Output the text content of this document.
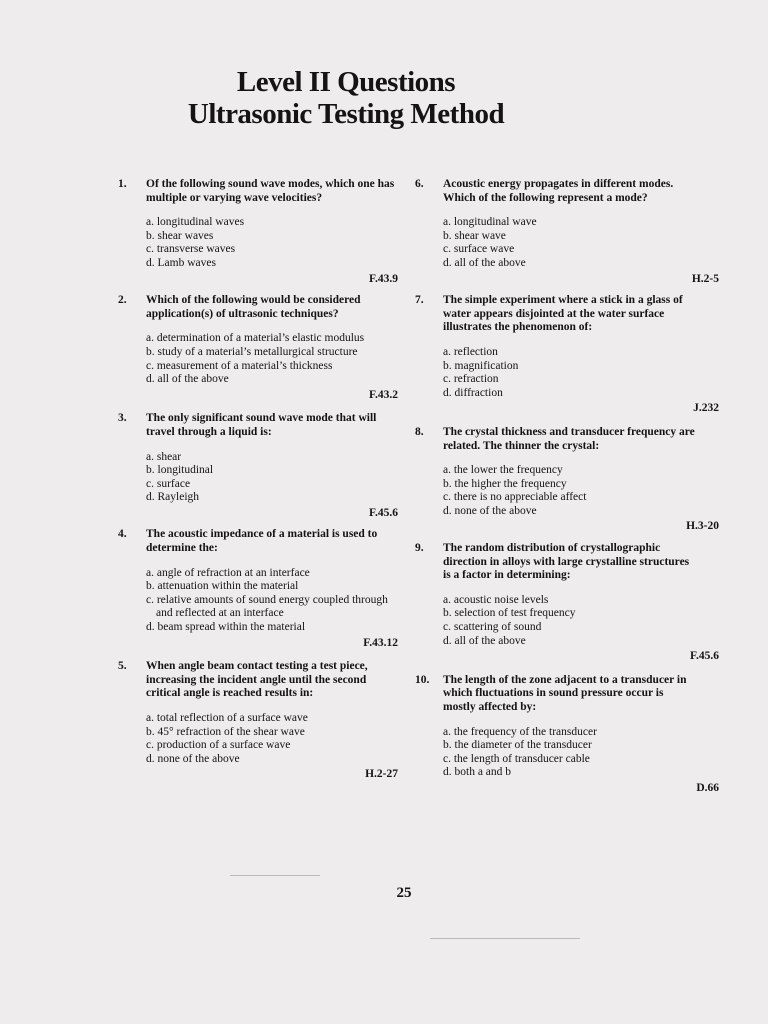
Level II Questions
Ultrasonic Testing Method
1. Of the following sound wave modes, which one has multiple or varying wave velocities?
a. longitudinal waves
b. shear waves
c. transverse waves
d. Lamb waves
F.43.9
2. Which of the following would be considered application(s) of ultrasonic techniques?
a. determination of a material’s elastic modulus
b. study of a material’s metallurgical structure
c. measurement of a material’s thickness
d. all of the above
F.43.2
3. The only significant sound wave mode that will travel through a liquid is:
a. shear
b. longitudinal
c. surface
d. Rayleigh
F.45.6
4. The acoustic impedance of a material is used to determine the:
a. angle of refraction at an interface
b. attenuation within the material
c. relative amounts of sound energy coupled through and reflected at an interface
d. beam spread within the material
F.43.12
5. When angle beam contact testing a test piece, increasing the incident angle until the second critical angle is reached results in:
a. total reflection of a surface wave
b. 45° refraction of the shear wave
c. production of a surface wave
d. none of the above
H.2-27
6. Acoustic energy propagates in different modes. Which of the following represent a mode?
a. longitudinal wave
b. shear wave
c. surface wave
d. all of the above
H.2-5
7. The simple experiment where a stick in a glass of water appears disjointed at the water surface illustrates the phenomenon of:
a. reflection
b. magnification
c. refraction
d. diffraction
J.232
8. The crystal thickness and transducer frequency are related. The thinner the crystal:
a. the lower the frequency
b. the higher the frequency
c. there is no appreciable affect
d. none of the above
H.3-20
9. The random distribution of crystallographic direction in alloys with large crystalline structures is a factor in determining:
a. acoustic noise levels
b. selection of test frequency
c. scattering of sound
d. all of the above
F.45.6
10. The length of the zone adjacent to a transducer in which fluctuations in sound pressure occur is mostly affected by:
a. the frequency of the transducer
b. the diameter of the transducer
c. the length of transducer cable
d. both a and b
D.66
25
